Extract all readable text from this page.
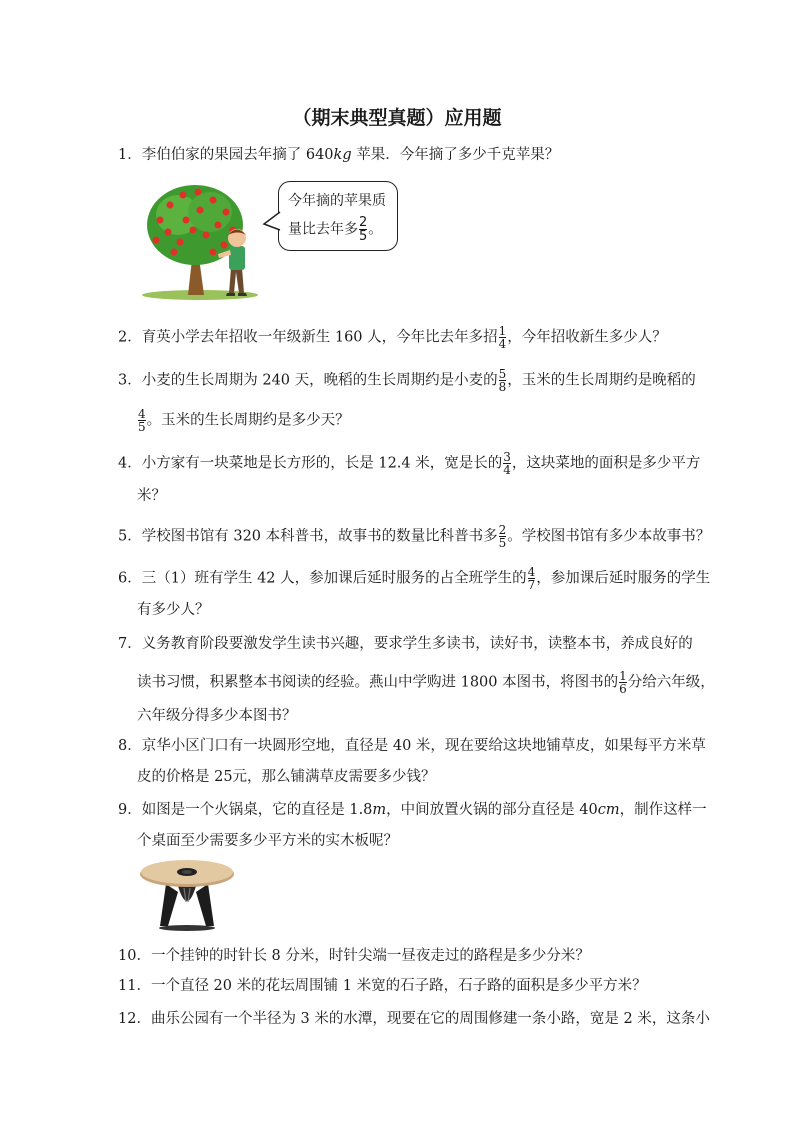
（期末典型真题）应用题
1．李伯伯家的果园去年摘了 640kg 苹果．今年摘了多少千克苹果？
今年摘的苹果质
量比去年多 $\frac{2}{5}$ 。
2．育英小学去年招收一年级新生 160 人，今年比去年多招 $\frac{1}{4}$ ，今年招收新生多少人？
3．小麦的生长周期为 240 天，晚稻的生长周期约是小麦的 $\frac{5}{8}$ ，玉米的生长周期约是晚稻的
$\frac{4}{5}$ 。玉米的生长周期约是多少天？
4．小方家有一块菜地是长方形的，长是 12.4 米，宽是长的 $\frac{3}{4}$ ，这块菜地的面积是多少平方
米？
5．学校图书馆有 320 本科普书，故事书的数量比科普书多 $\frac{2}{5}$ 。学校图书馆有多少本故事书？
6．三（1）班有学生 42 人，参加课后延时服务的占全班学生的 $\frac{4}{7}$ ，参加课后延时服务的学生
有多少人？
7．义务教育阶段要激发学生读书兴趣，要求学生多读书，读好书，读整本书，养成良好的
读书习惯，积累整本书阅读的经验。燕山中学购进 1800 本图书，将图书的 $\frac{1}{6}$ 分给六年级，
六年级分得多少本图书？
8．京华小区门口有一块圆形空地，直径是 40 米，现在要给这块地铺草皮，如果每平方米草
皮的价格是 25元，那么铺满草皮需要多少钱？
9．如图是一个火锅桌，它的直径是 1.8m，中间放置火锅的部分直径是 40cm，制作这样一
个桌面至少需要多少平方米的实木板呢？
10．一个挂钟的时针长 8 分米，时针尖端一昼夜走过的路程是多少分米？
11．一个直径 20 米的花坛周围铺 1 米宽的石子路，石子路的面积是多少平方米？
12．曲乐公园有一个半径为 3 米的水潭，现要在它的周围修建一条小路，宽是 2 米，这条小
